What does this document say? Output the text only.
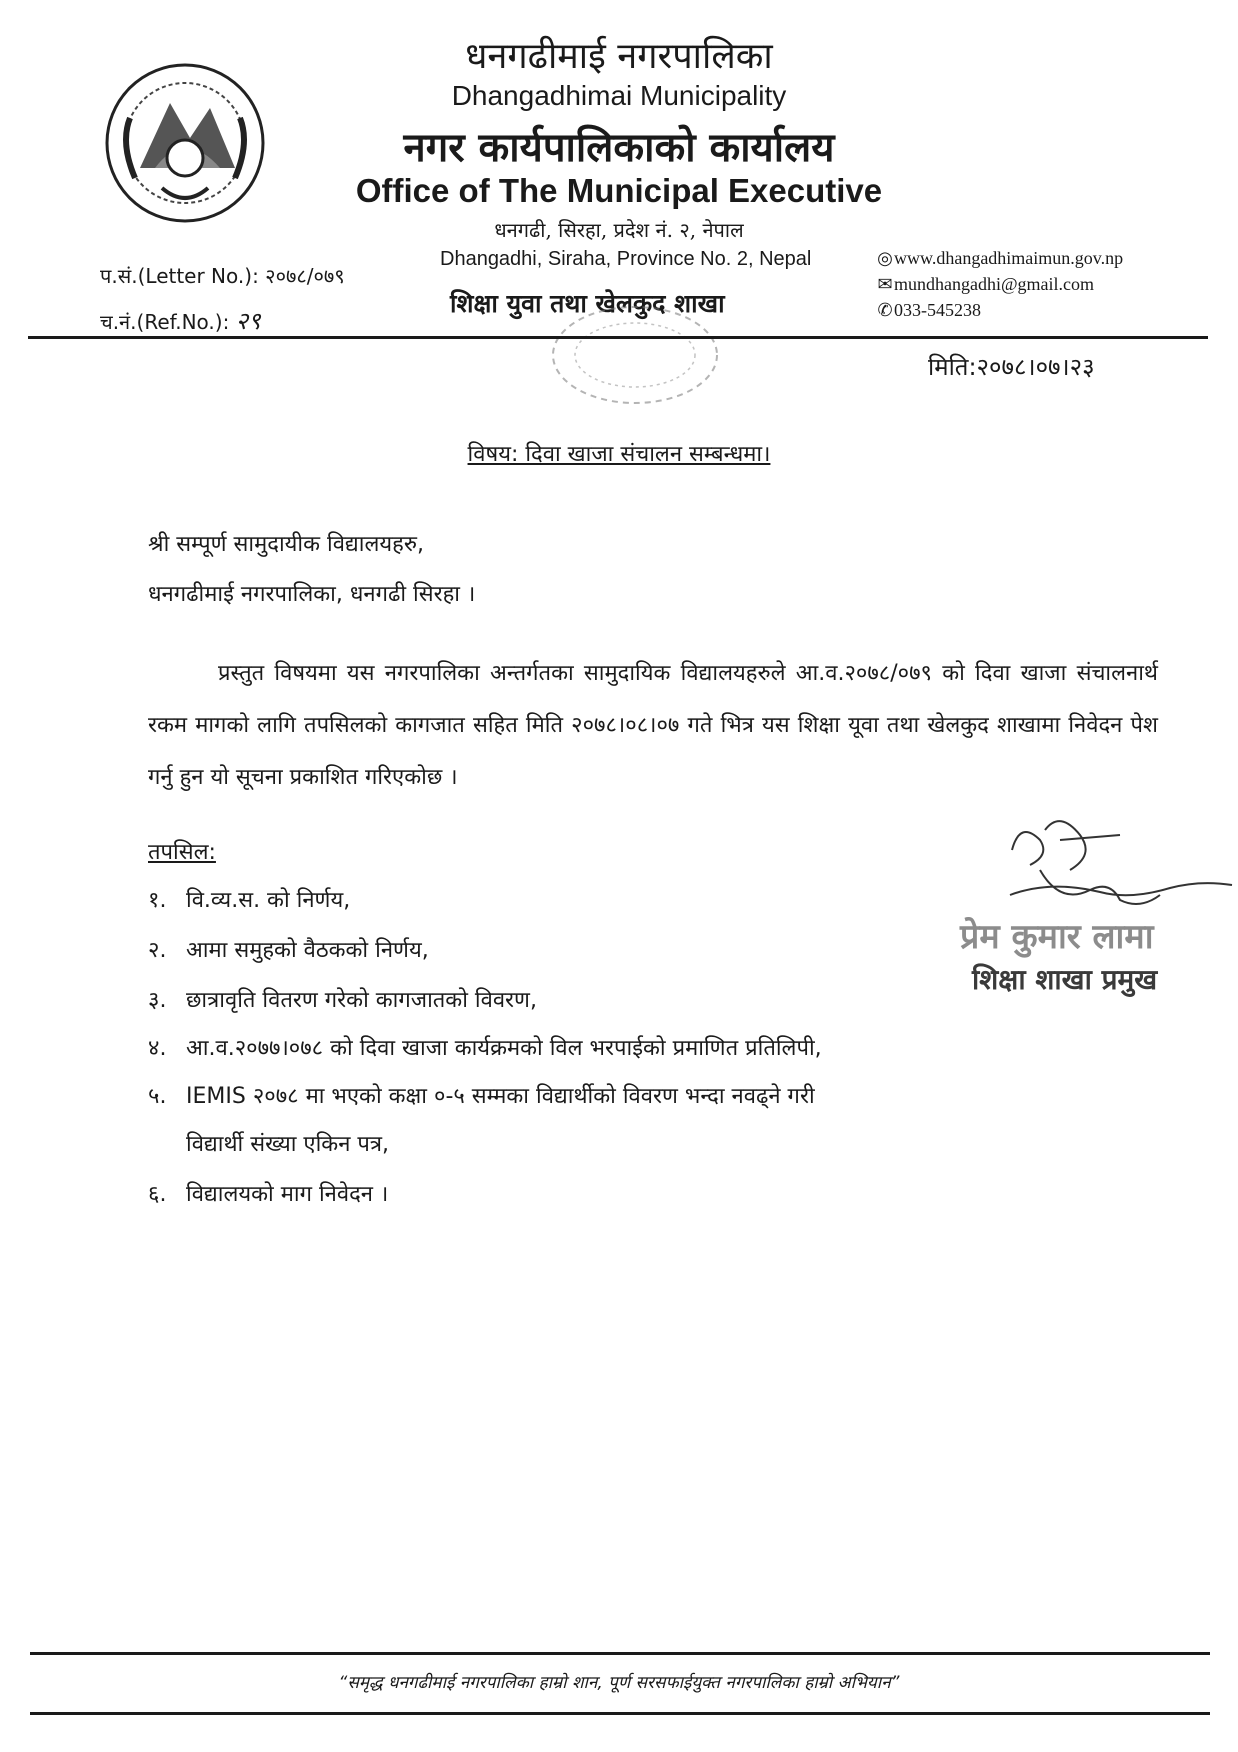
धनगढीमाई नगरपालिका
Dhangadhimai Municipality
नगर कार्यपालिकाको कार्यालय
Office of The Municipal Executive
धनगढी, सिरहा, प्रदेश नं. २, नेपाल
Dhangadhi, Siraha, Province No. 2, Nepal
शिक्षा युवा तथा खेलकुद शाखा
प.सं.(Letter No.): २०७८/०७९
च.नं.(Ref.No.): २९
◎www.dhangadhimaimun.gov.np
✉mundhangadhi@gmail.com
✆033-545238
मिति:२०७८।०७।२३
विषय: दिवा खाजा संचालन सम्बन्धमा।
श्री सम्पूर्ण सामुदायीक विद्यालयहरु,
धनगढीमाई नगरपालिका, धनगढी सिरहा ।
प्रस्तुत विषयमा यस नगरपालिका अन्तर्गतका सामुदायिक विद्यालयहरुले आ.व.२०७८/०७९ को दिवा खाजा संचालनार्थ रकम मागको लागि तपसिलको कागजात सहित मिति २०७८।०८।०७ गते भित्र यस शिक्षा यूवा तथा खेलकुद शाखामा निवेदन पेश गर्नु हुन यो सूचना प्रकाशित गरिएकोछ ।
तपसिल:
१. वि.व्य.स. को निर्णय,
२. आमा समुहको वैठकको निर्णय,
३. छात्रावृति वितरण गरेको कागजातको विवरण,
४. आ.व.२०७७।०७८ को दिवा खाजा कार्यक्रमको विल भरपाईको प्रमाणित प्रतिलिपी,
५. IEMIS २०७८ मा भएको कक्षा ०-५ सम्मका विद्यार्थीको विवरण भन्दा नवढ्ने गरी
विद्यार्थी संख्या एकिन पत्र,
६. विद्यालयको माग निवेदन ।
प्रेम कुमार लामा
शिक्षा शाखा प्रमुख
“समृद्ध धनगढीमाई नगरपालिका हाम्रो शान, पूर्ण सरसफाईयुक्त नगरपालिका हाम्रो अभियान”
